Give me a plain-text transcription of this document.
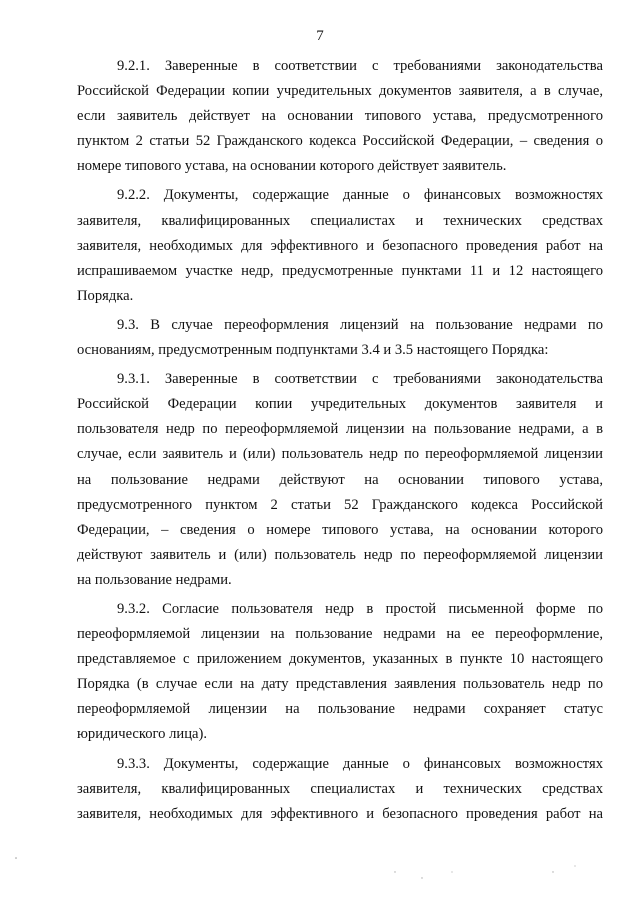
7

9.2.1. Заверенные в соответствии с требованиями законодательства
Российской Федерации копии учредительных документов заявителя, а в случае,
если заявитель действует на основании типового устава, предусмотренного
пунктом 2 статьи 52 Гражданского кодекса Российской Федерации, – сведения о
номере типового устава, на основании которого действует заявитель.

9.2.2. Документы, содержащие данные о финансовых возможностях
заявителя, квалифицированных специалистах и технических средствах
заявителя, необходимых для эффективного и безопасного проведения работ на
испрашиваемом участке недр, предусмотренные пунктами 11 и 12 настоящего
Порядка.

9.3. В случае переоформления лицензий на пользование недрами по
основаниям, предусмотренным подпунктами 3.4 и 3.5 настоящего Порядка:

9.3.1. Заверенные в соответствии с требованиями законодательства
Российской Федерации копии учредительных документов заявителя и
пользователя недр по переоформляемой лицензии на пользование недрами, а в
случае, если заявитель и (или) пользователь недр по переоформляемой лицензии
на пользование недрами действуют на основании типового устава,
предусмотренного пунктом 2 статьи 52 Гражданского кодекса Российской
Федерации, – сведения о номере типового устава, на основании которого
действуют заявитель и (или) пользователь недр по переоформляемой лицензии
на пользование недрами.

9.3.2. Согласие пользователя недр в простой письменной форме по
переоформляемой лицензии на пользование недрами на ее переоформление,
представляемое с приложением документов, указанных в пункте 10 настоящего
Порядка (в случае если на дату представления заявления пользователь недр по
переоформляемой лицензии на пользование недрами сохраняет статус
юридического лица).

9.3.3. Документы, содержащие данные о финансовых возможностях
заявителя, квалифицированных специалистах и технических средствах
заявителя, необходимых для эффективного и безопасного проведения работ на
